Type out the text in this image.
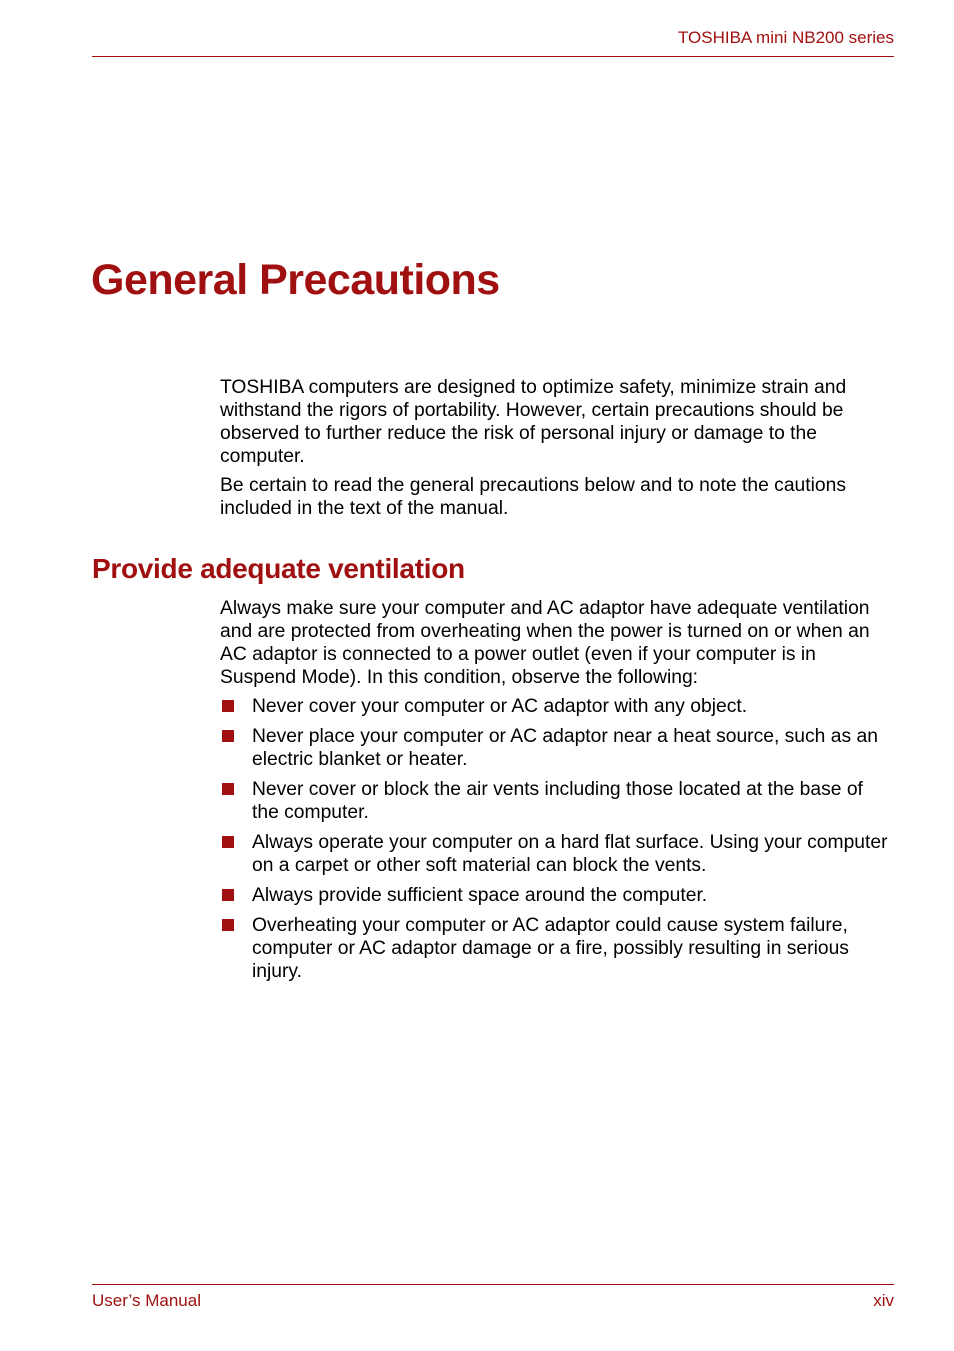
TOSHIBA mini NB200 series
General Precautions

TOSHIBA computers are designed to optimize safety, minimize strain and withstand the rigors of portability. However, certain precautions should be observed to further reduce the risk of personal injury or damage to the computer.

Be certain to read the general precautions below and to note the cautions included in the text of the manual.

Provide adequate ventilation

Always make sure your computer and AC adaptor have adequate ventilation and are protected from overheating when the power is turned on or when an AC adaptor is connected to a power outlet (even if your computer is in Suspend Mode). In this condition, observe the following:

Never cover your computer or AC adaptor with any object.
Never place your computer or AC adaptor near a heat source, such as an electric blanket or heater.
Never cover or block the air vents including those located at the base of the computer.
Always operate your computer on a hard flat surface. Using your computer on a carpet or other soft material can block the vents.
Always provide sufficient space around the computer.
Overheating your computer or AC adaptor could cause system failure, computer or AC adaptor damage or a fire, possibly resulting in serious injury.
User’s Manual	xiv
